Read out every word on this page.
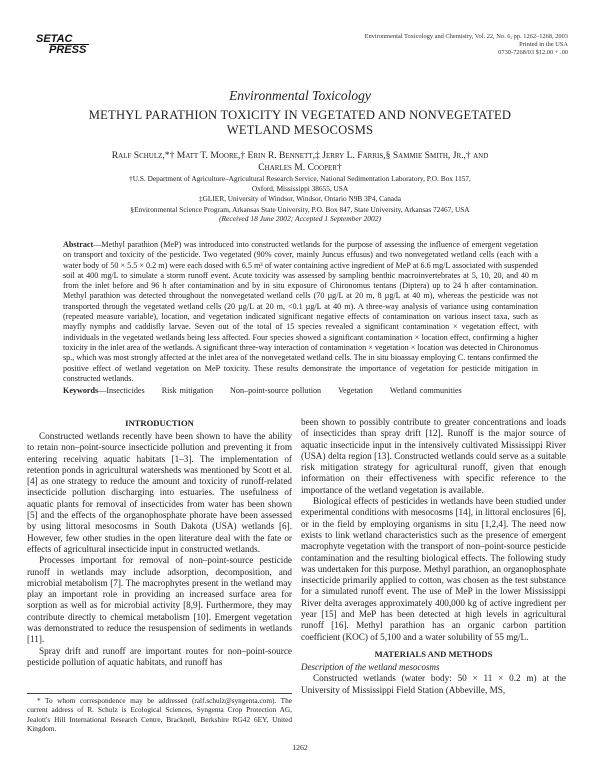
SETAC
PRESS
Environmental Toxicology and Chemistry, Vol. 22, No. 6, pp. 1262–1268, 2003
Printed in the USA
0730-7268/03 $12.00 + .00
Environmental Toxicology
METHYL PARATHION TOXICITY IN VEGETATED AND NONVEGETATED
WETLAND MESOCOSMS
Ralf Schulz,*† Matt T. Moore,† Erin R. Bennett,‡ Jerry L. Farris,§ Sammie Smith, Jr.,† and
Charles M. Cooper†
†U.S. Department of Agriculture–Agricultural Research Service, National Sedimentation Laboratory, P.O. Box 1157,
Oxford, Mississippi 38655, USA
‡GLIER, University of Windsor, Windsor, Ontario N9B 3P4, Canada
§Environmental Science Program, Arkansas State University, P.O. Box 847, State University, Arkansas 72467, USA
(Received 18 June 2002; Accepted 1 September 2002)
Abstract—Methyl parathion (MeP) was introduced into constructed wetlands for the purpose of assessing the influence of emergent vegetation on transport and toxicity of the pesticide. Two vegetated (90% cover, mainly Juncus effusus) and two nonvegetated wetland cells (each with a water body of 50 × 5.5 × 0.2 m) were each dosed with 6.5 m³ of water containing active ingredient of MeP at 6.6 mg/L associated with suspended soil at 400 mg/L to simulate a storm runoff event. Acute toxicity was assessed by sampling benthic macroinvertebrates at 5, 10, 20, and 40 m from the inlet before and 96 h after contamination and by in situ exposure of Chironomus tentans (Diptera) up to 24 h after contamination. Methyl parathion was detected throughout the nonvegetated wetland cells (70 µg/L at 20 m, 8 µg/L at 40 m), whereas the pesticide was not transported through the vegetated wetland cells (20 µg/L at 20 m, <0.1 µg/L at 40 m). A three-way analysis of variance using contamination (repeated measure variable), location, and vegetation indicated significant negative effects of contamination on various insect taxa, such as mayfly nymphs and caddisfly larvae. Seven out of the total of 15 species revealed a significant contamination × vegetation effect, with individuals in the vegetated wetlands being less affected. Four species showed a significant contamination × location effect, confirming a higher toxicity in the inlet area of the wetlands. A significant three-way interaction of contamination × vegetation × location was detected in Chironomus sp., which was most strongly affected at the inlet area of the nonvegetated wetland cells. The in situ bioassay employing C. tentans confirmed the positive effect of wetland vegetation on MeP toxicity. These results demonstrate the importance of vegetation for pesticide mitigation in constructed wetlands.
Keywords—Insecticides Risk mitigation Non–point-source pollution Vegetation Wetland communities
INTRODUCTION

Constructed wetlands recently have been shown to have the ability to retain non–point-source insecticide pollution and preventing it from entering receiving aquatic habitats [1–3]. The implementation of retention ponds in agricultural watersheds was mentioned by Scott et al. [4] as one strategy to reduce the amount and toxicity of runoff-related insecticide pollution discharging into estuaries. The usefulness of aquatic plants for removal of insecticides from water has been shown [5] and the effects of the organophosphate phorate have been assessed by using littoral mesocosms in South Dakota (USA) wetlands [6]. However, few other studies in the open literature deal with the fate or effects of agricultural insecticide input in constructed wetlands.

Processes important for removal of non–point-source pesticide runoff in wetlands may include adsorption, decomposition, and microbial metabolism [7]. The macrophytes present in the wetland may play an important role in providing an increased surface area for sorption as well as for microbial activity [8,9]. Furthermore, they may contribute directly to chemical metabolism [10]. Emergent vegetation was demonstrated to reduce the resuspension of sediments in wetlands [11].

Spray drift and runoff are important routes for non–point-source pesticide pollution of aquatic habitats, and runoff has

been shown to possibly contribute to greater concentrations and loads of insecticides than spray drift [12]. Runoff is the major source of aquatic insecticide input in the intensively cultivated Mississippi River (USA) delta region [13]. Constructed wetlands could serve as a suitable risk mitigation strategy for agricultural runoff, given that enough information on their effectiveness with specific reference to the importance of the wetland vegetation is available.

Biological effects of pesticides in wetlands have been studied under experimental conditions with mesocosms [14], in littoral enclosures [6], or in the field by employing organisms in situ [1,2,4]. The need now exists to link wetland characteristics such as the presence of emergent macrophyte vegetation with the transport of non–point-source pesticide contamination and the resulting biological effects. The following study was undertaken for this purpose. Methyl parathion, an organophosphate insecticide primarily applied to cotton, was chosen as the test substance for a simulated runoff event. The use of MeP in the lower Mississippi River delta averages approximately 400,000 kg of active ingredient per year [15] and MeP has been detected at high levels in agricultural runoff [16]. Methyl parathion has an organic carbon partition coefficient (KOC) of 5,100 and a water solubility of 55 mg/L.

MATERIALS AND METHODS
Description of the wetland mesocosms

Constructed wetlands (water body: 50 × 11 × 0.2 m) at the University of Mississippi Field Station (Abbeville, MS,

* To whom correspondence may be addressed (ralf.schulz@syngenta.com). The current address of R. Schulz is Ecological Sciences, Syngenta Crop Protection AG, Jealott's Hill International Research Centre, Bracknell, Berkshire RG42 6EY, United Kingdom.
1262
